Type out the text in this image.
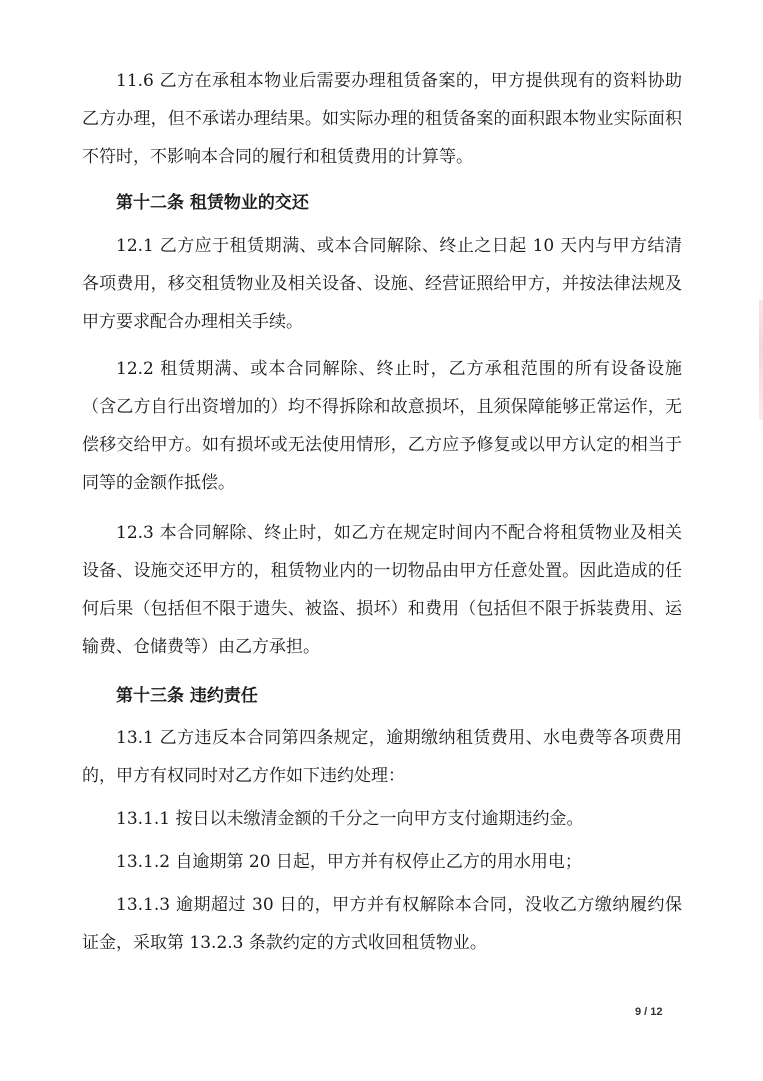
11.6 乙方在承租本物业后需要办理租赁备案的，甲方提供现有的资料协助乙方办理，但不承诺办理结果。如实际办理的租赁备案的面积跟本物业实际面积不符时，不影响本合同的履行和租赁费用的计算等。

第十二条 租赁物业的交还

12.1 乙方应于租赁期满、或本合同解除、终止之日起 10 天内与甲方结清各项费用，移交租赁物业及相关设备、设施、经营证照给甲方，并按法律法规及甲方要求配合办理相关手续。

12.2 租赁期满、或本合同解除、终止时，乙方承租范围的所有设备设施（含乙方自行出资增加的）均不得拆除和故意损坏，且须保障能够正常运作，无偿移交给甲方。如有损坏或无法使用情形，乙方应予修复或以甲方认定的相当于同等的金额作抵偿。

12.3 本合同解除、终止时，如乙方在规定时间内不配合将租赁物业及相关设备、设施交还甲方的，租赁物业内的一切物品由甲方任意处置。因此造成的任何后果（包括但不限于遗失、被盗、损坏）和费用（包括但不限于拆装费用、运输费、仓储费等）由乙方承担。

第十三条 违约责任

13.1 乙方违反本合同第四条规定，逾期缴纳租赁费用、水电费等各项费用的，甲方有权同时对乙方作如下违约处理：

13.1.1 按日以未缴清金额的千分之一向甲方支付逾期违约金。

13.1.2 自逾期第 20 日起，甲方并有权停止乙方的用水用电；

13.1.3 逾期超过 30 日的，甲方并有权解除本合同，没收乙方缴纳履约保证金，采取第 13.2.3 条款约定的方式收回租赁物业。

9 / 12
